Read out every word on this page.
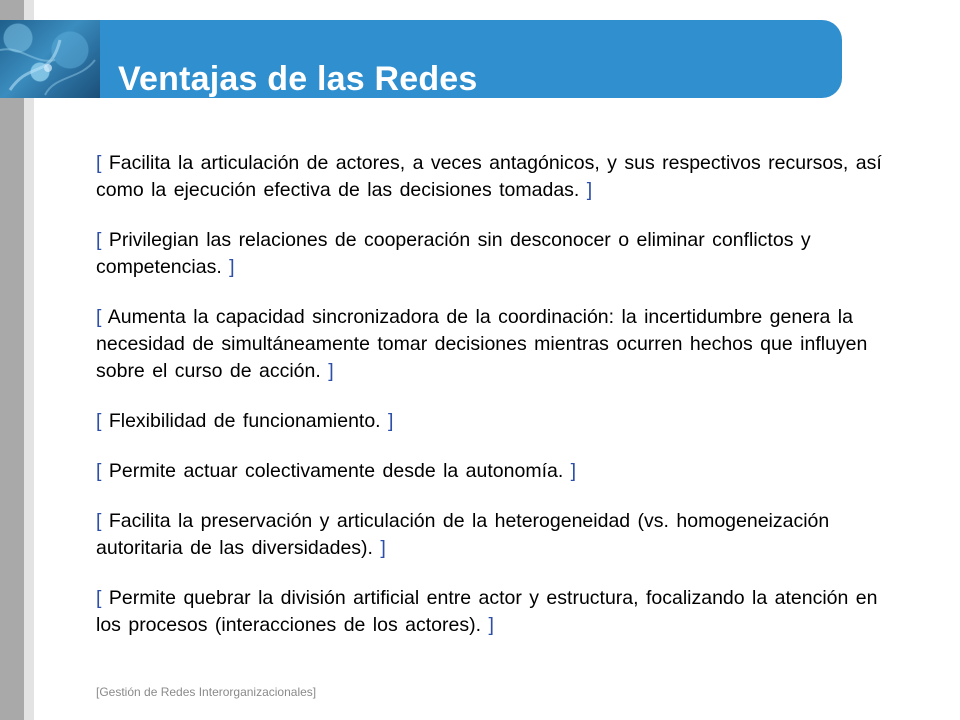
Ventajas de las Redes

[ Facilita la articulación de actores, a veces antagónicos, y sus respectivos recursos, así como la ejecución efectiva de las decisiones tomadas. ]

[ Privilegian las relaciones de cooperación sin desconocer o eliminar conflictos y competencias. ]

[ Aumenta la capacidad sincronizadora de la coordinación: la incertidumbre genera la necesidad de simultáneamente tomar decisiones mientras ocurren hechos que influyen sobre el curso de acción. ]

[ Flexibilidad de funcionamiento. ]

[ Permite actuar colectivamente desde la autonomía. ]

[ Facilita la preservación y articulación de la heterogeneidad (vs. homogeneización autoritaria de las diversidades). ]

[ Permite quebrar la división artificial entre actor y estructura, focalizando la atención en los procesos (interacciones de los actores). ]

[Gestión de Redes Interorganizacionales]
